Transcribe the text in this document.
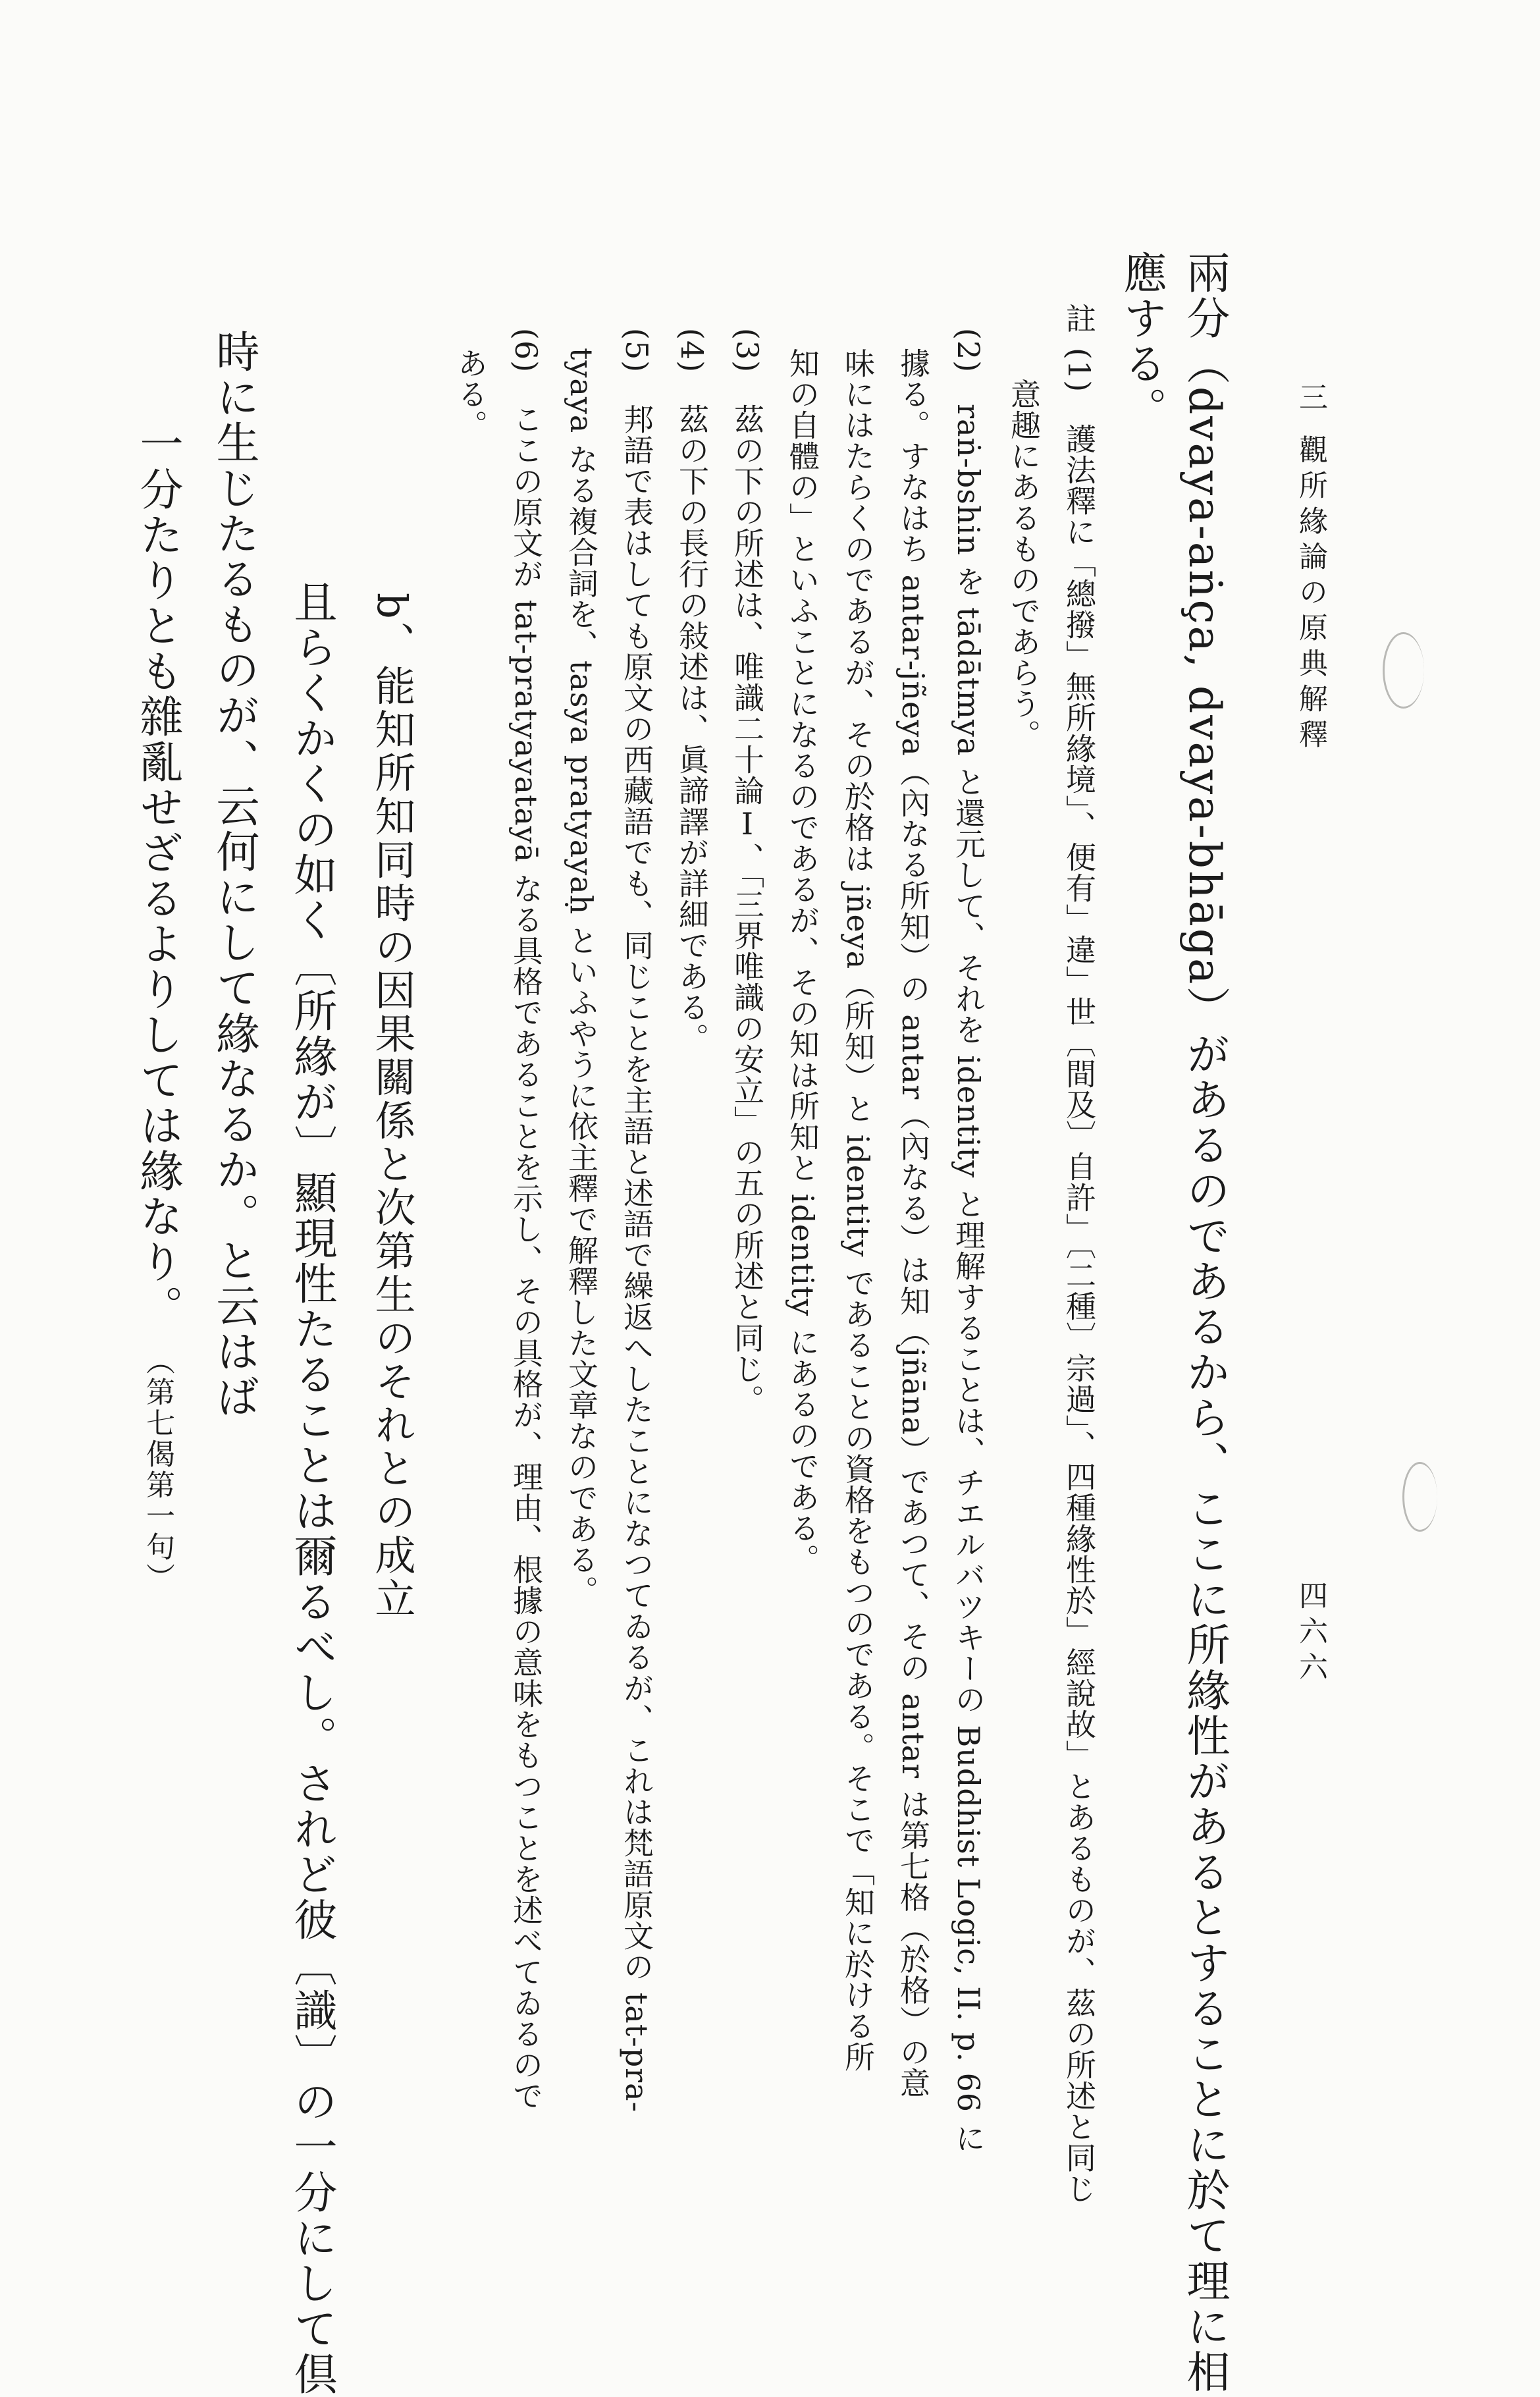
三
觀所緣論の原典解釋
四六六
兩分（dvaya-aṅça, dvaya-bhāga）があるのであるから、ここに所緣性があるとすることに於て理に相
應する。
註
(1)　護法釋に「總撥」無所緣境」、便有」違」世〔間及〕自許」〔二種〕宗過」、四種緣性於」經說故」とあるものが、茲の所述と同じ
　意趣にあるものであらう。
(2)　raṅ-bshin を tādātmya と還元して、それを identity と理解することは、チエルバツキーの Buddhist Logic, II. p. 66 に
據る。すなはち antar-jñeya（內なる所知）の antar（內なる）は知（jñāna）であつて、その antar は第七格（於格）の意
味にはたらくのであるが、その於格は jñeya（所知）と identity であることの資格をもつのである。そこで「知に於ける所
知の自體の」といふことになるのであるが、その知は所知と identity にあるのである。
(3)　茲の下の所述は、唯識二十論Ⅰ、「三界唯識の安立」の五の所述と同じ。
(4)　茲の下の長行の敍述は、眞諦譯が詳細である。
(5)　邦語で表はしても原文の西藏語でも、同じことを主語と述語で繰返へしたことになつてゐるが、これは梵語原文の tat-pra-
tyaya なる複合詞を、tasya pratyayaḥ といふやうに依主釋で解釋した文章なのである。
(6)　ここの原文が tat-pratyayatayā なる具格であることを示し、その具格が、理由、根據の意味をもつことを述べてゐるので
ある。
b、能知所知同時の因果關係と次第生のそれとの成立
且らくかくの如く〔所緣が〕顯現性たることは爾るべし。されど彼〔識〕の一分にして倶
時に生じたるものが、云何にして緣なるか。と云はば
一分たりとも雜亂せざるよりしては緣なり。 （第七偈第一句）
